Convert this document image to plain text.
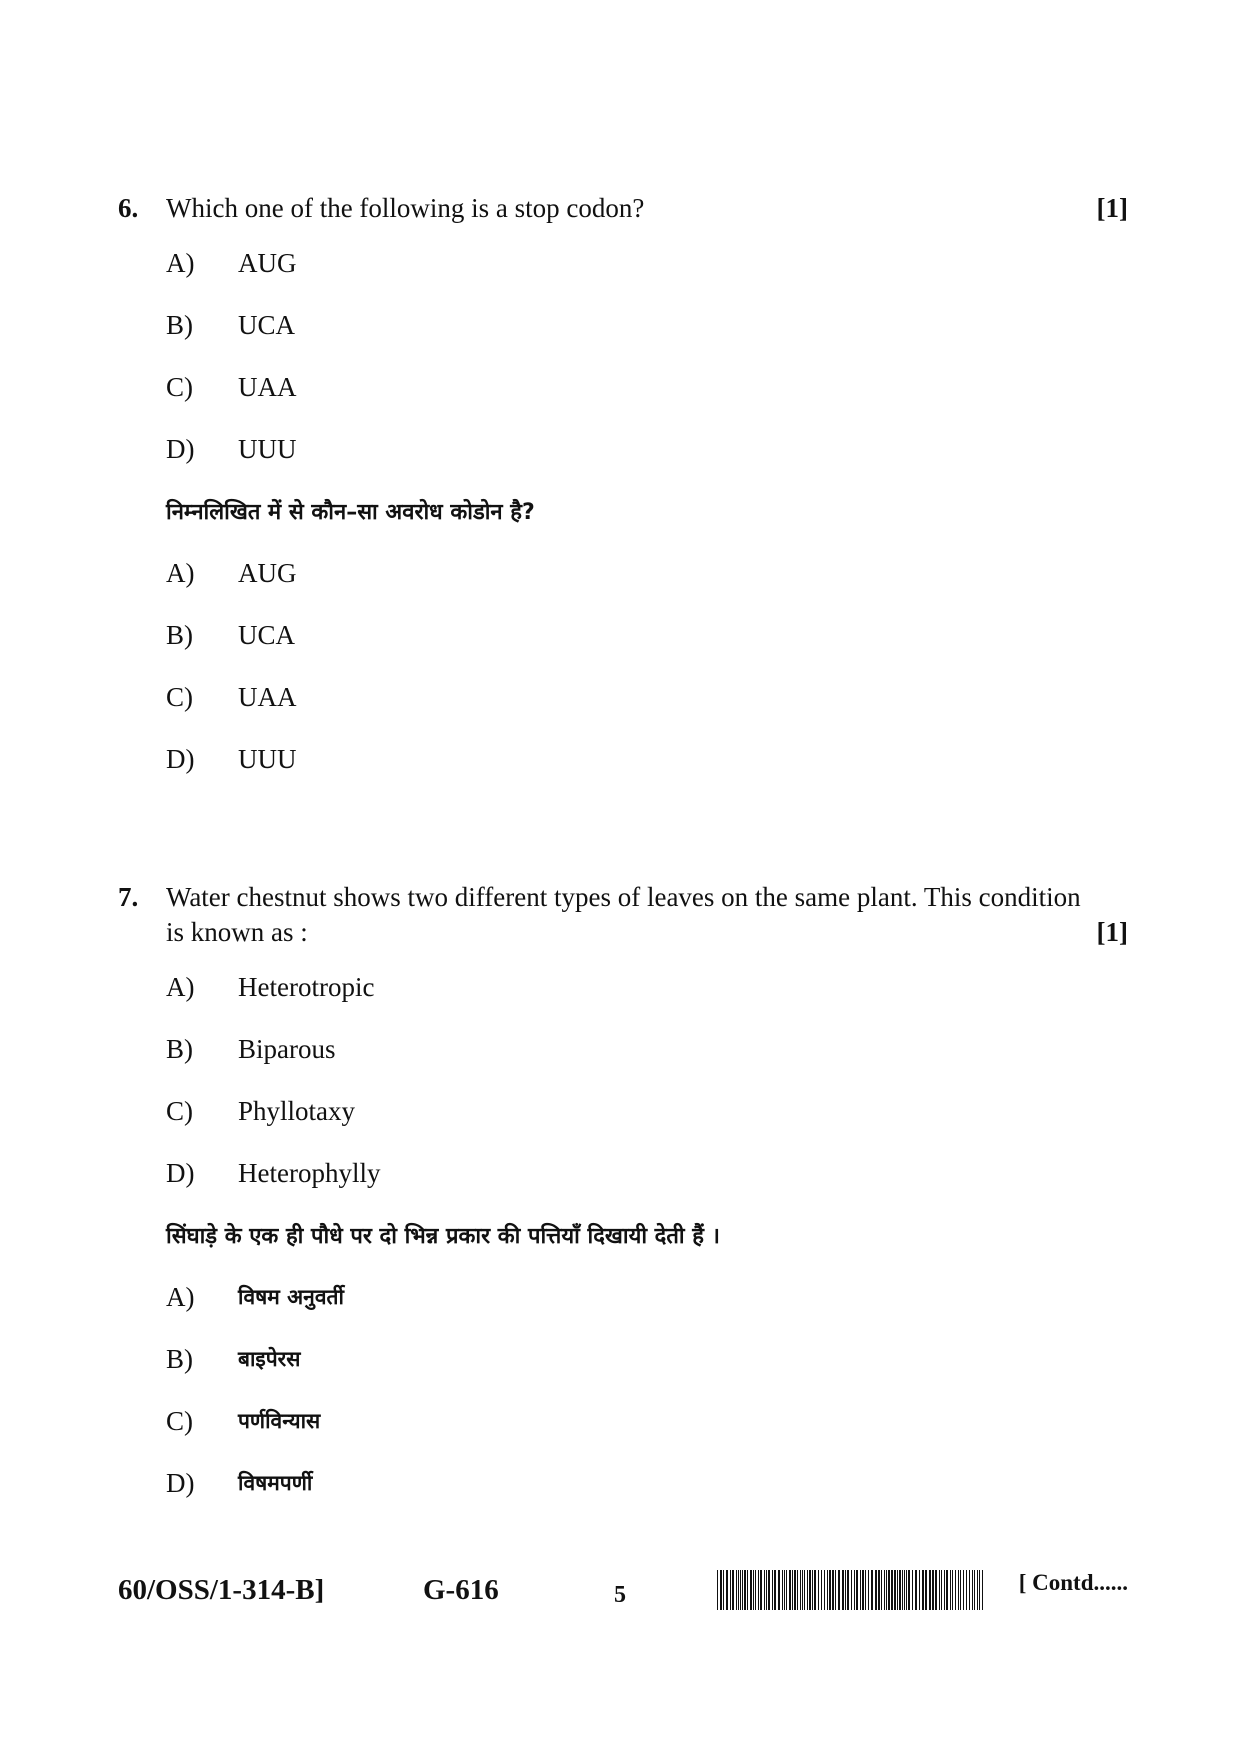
6.	Which one of the following is a stop codon?	[1]
A)	AUG
B)	UCA
C)	UAA
D)	UUU
निम्नलिखित में से कौन–सा अवरोध कोडोन है?
A)	AUG
B)	UCA
C)	UAA
D)	UUU
7.	Water chestnut shows two different types of leaves on the same plant. This condition
is known as :	[1]
A)	Heterotropic
B)	Biparous
C)	Phyllotaxy
D)	Heterophylly
सिंघाड़े के एक ही पौधे पर दो भिन्न प्रकार की पत्तियाँ दिखायी देती हैं ।
A)	विषम अनुवर्ती
B)	बाइपेरस
C)	पर्णविन्यास
D)	विषमपर्णी
60/OSS/1-314-B]	G-616	5	[ Contd......
